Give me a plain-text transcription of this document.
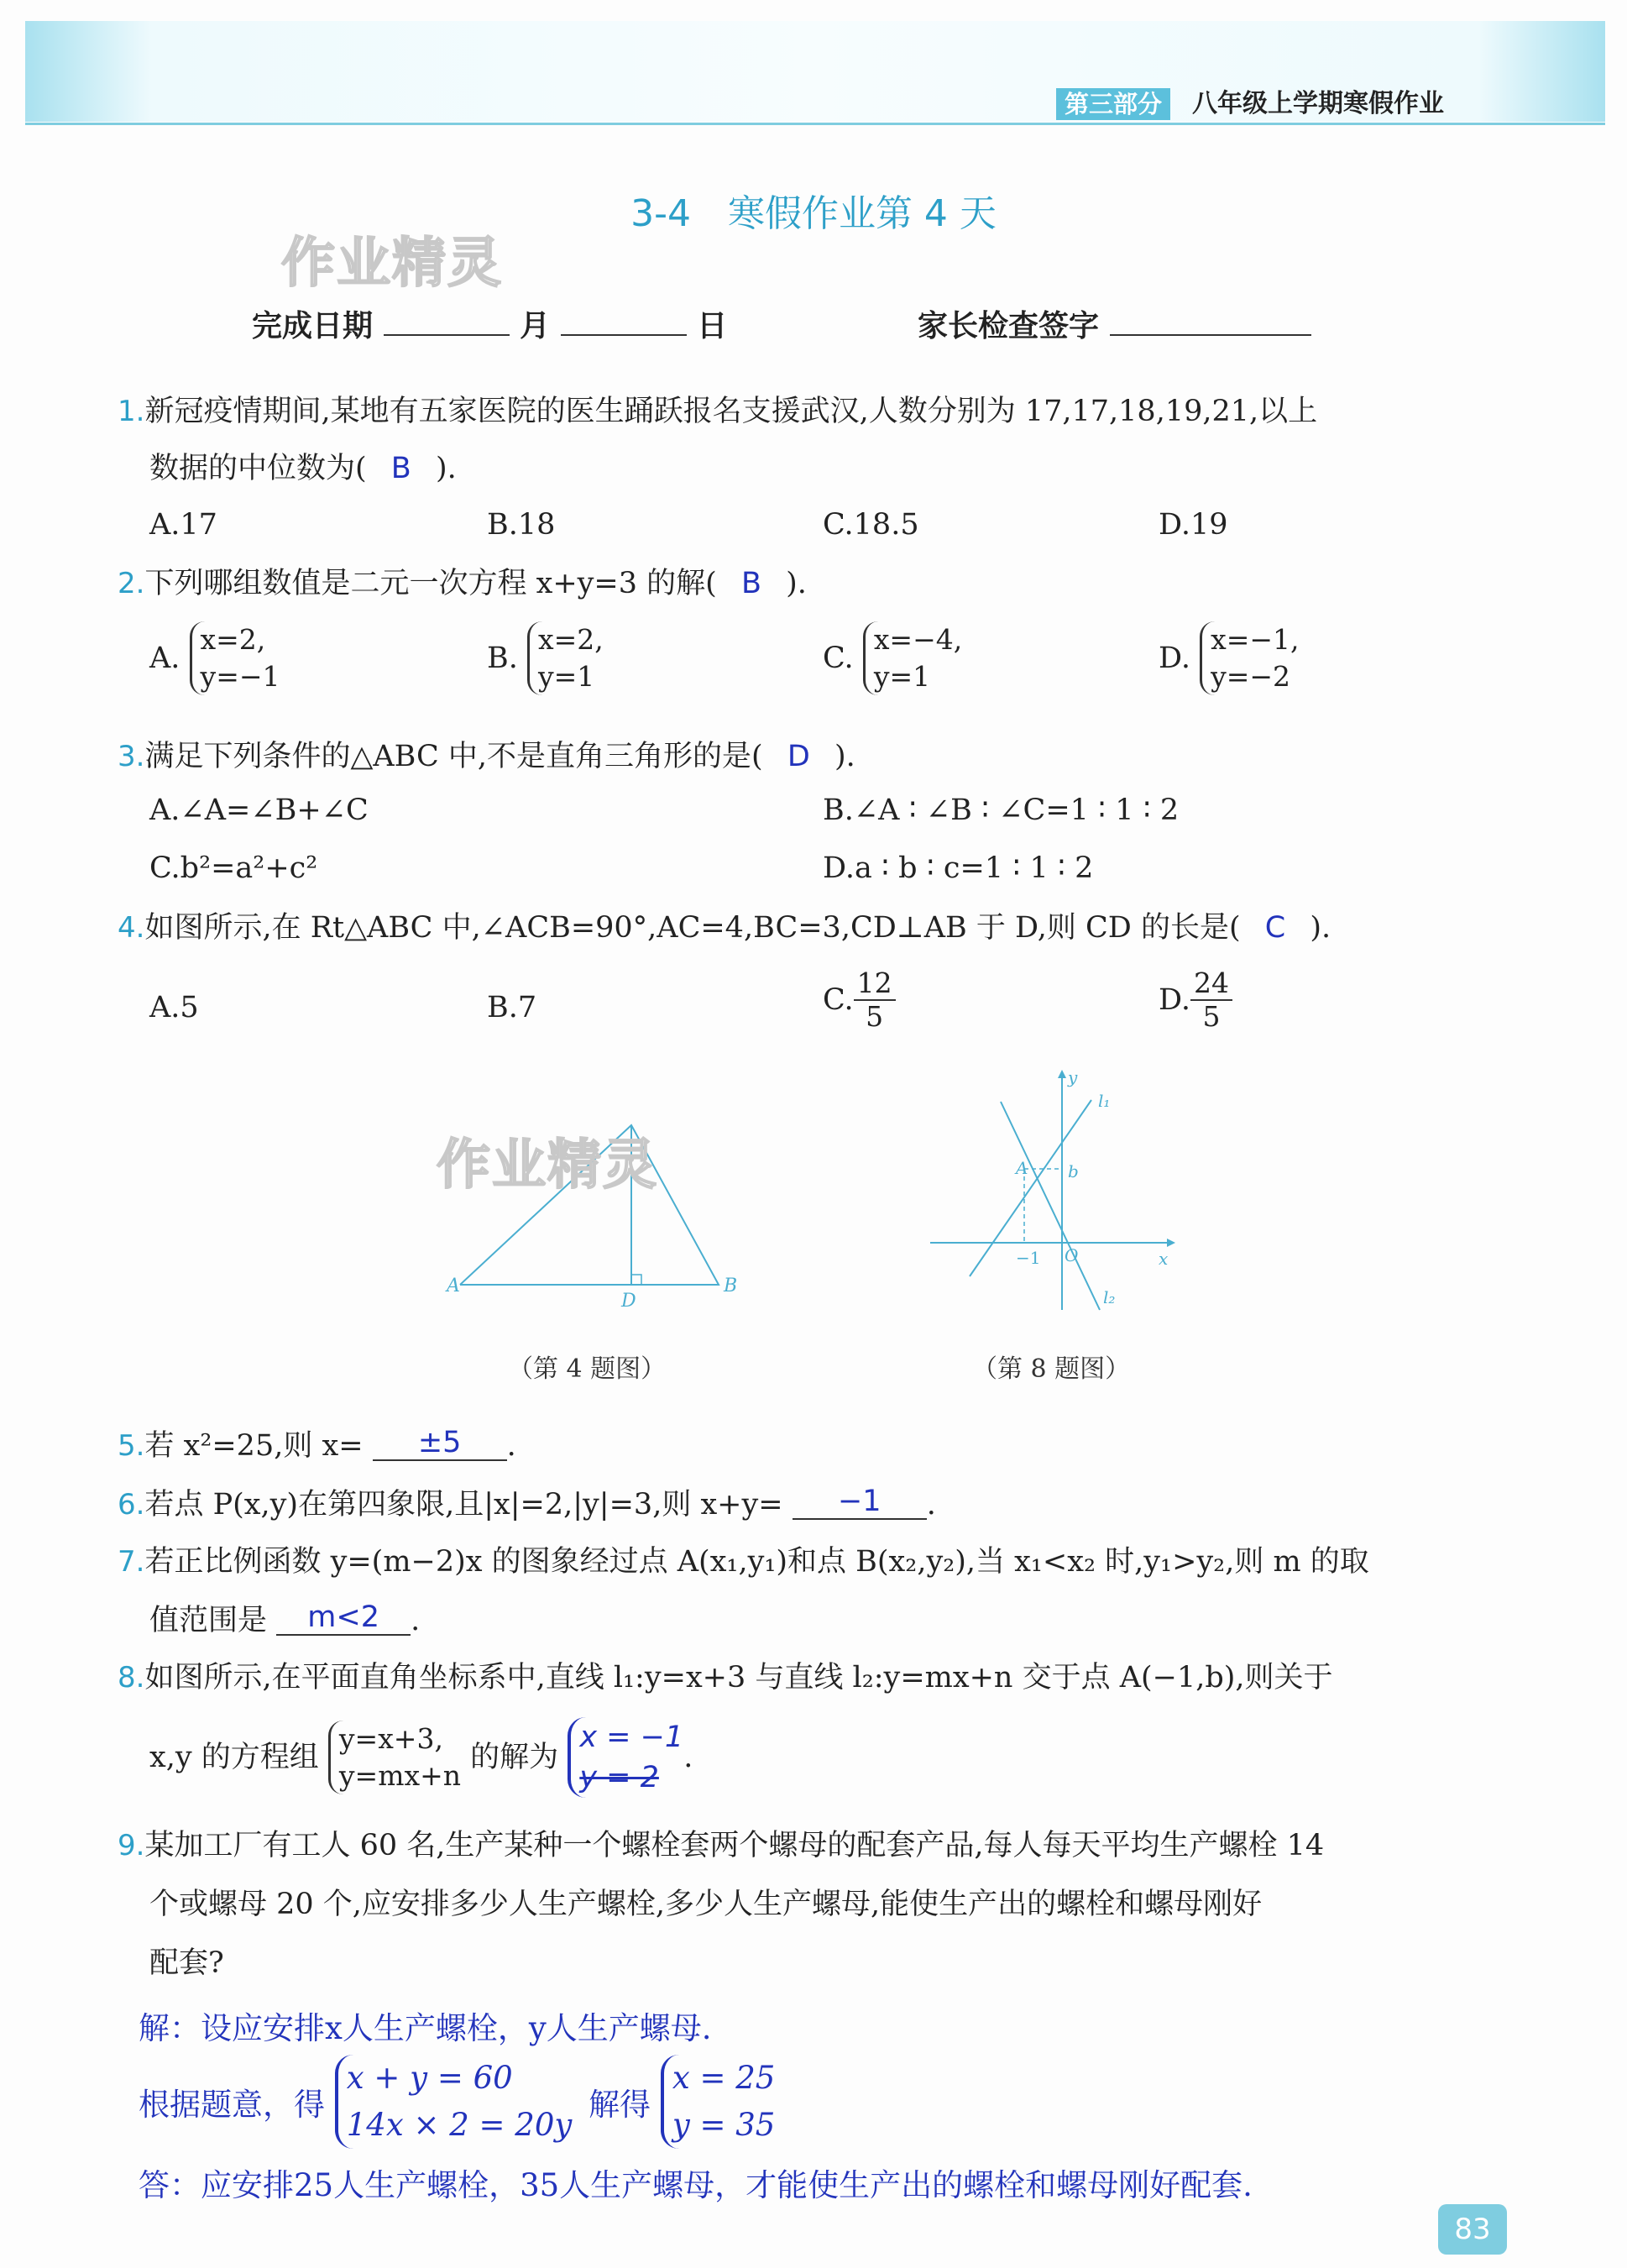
第三部分	八年级上学期寒假作业
3-4　寒假作业第 4 天
作业精灵
完成日期	月	日	家长检查签字
1.新冠疫情期间,某地有五家医院的医生踊跃报名支援武汉,人数分别为 17,17,18,19,21,以上
数据的中位数为( B ).
A.17	B.18	C.18.5	D.19
2.下列哪组数值是二元一次方程 x+y=3 的解( B ).
A.
x=2,
y=−1
B.
x=2,
y=1
C.
x=−4,
y=1
D.
x=−1,
y=−2
3.满足下列条件的△ABC 中,不是直角三角形的是( D ).
A.∠A=∠B+∠C	B.∠A ∶ ∠B ∶ ∠C=1 ∶ 1 ∶ 2
C.b²=a²+c²	D.a ∶ b ∶ c=1 ∶ 1 ∶ 2
4.如图所示,在 Rt△ABC 中,∠ACB=90°,AC=4,BC=3,CD⊥AB 于 D,则 CD 的长是( C ).
A.5	B.7	C. $\frac{12}{5}$	D. $\frac{24}{5}$
A	B
D
作业精灵
（第 4 题图）
y
x
l₁
l₂
A b
−1 O
（第 8 题图）
5.若 x²=25,则 x= ±5 .
6.若点 P(x,y)在第四象限,且|x|=2,|y|=3,则 x+y= −1 .
7.若正比例函数 y=(m−2)x 的图象经过点 A(x₁,y₁)和点 B(x₂,y₂),当 x₁<x₂ 时,y₁>y₂,则 m 的取
值范围是 m<2 .
8.如图所示,在平面直角坐标系中,直线 l₁:y=x+3 与直线 l₂:y=mx+n 交于点 A(−1,b),则关于
x,y 的方程组
y=x+3,
y=mx+n
的解为
x = −1
y = 2
.
9.某加工厂有工人 60 名,生产某种一个螺栓套两个螺母的配套产品,每人每天平均生产螺栓 14
个或螺母 20 个,应安排多少人生产螺栓,多少人生产螺母,能使生产出的螺栓和螺母刚好
配套?
解：设应安排x人生产螺栓，y人生产螺母.
根据题意，得
x + y = 60
14x × 2 = 20y
解得
x = 25
y = 35
答：应安排25人生产螺栓，35人生产螺母，才能使生产出的螺栓和螺母刚好配套.
83
